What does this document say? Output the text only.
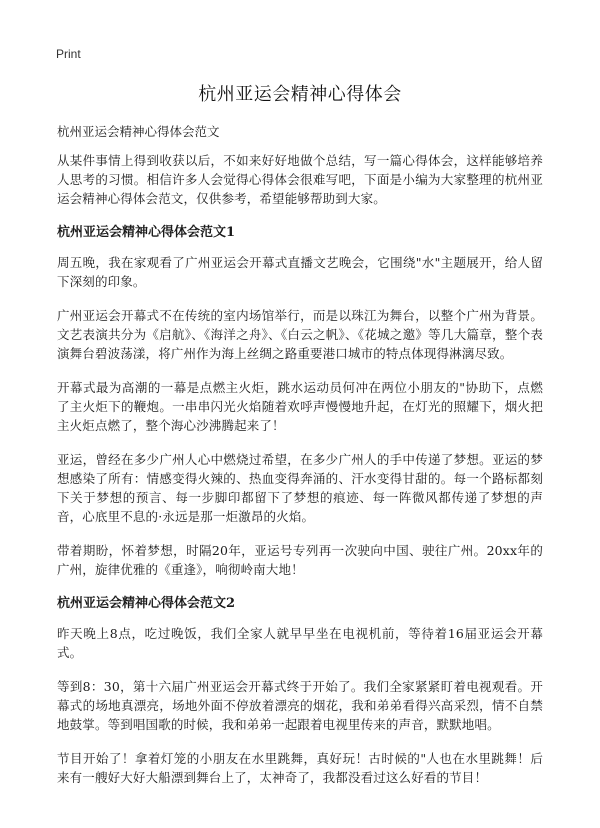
Print
杭州亚运会精神心得体会
杭州亚运会精神心得体会范文

从某件事情上得到收获以后，不如来好好地做个总结，写一篇心得体会，这样能够培养人思考的习惯。相信许多人会觉得心得体会很难写吧，下面是小编为大家整理的杭州亚运会精神心得体会范文，仅供参考，希望能够帮助到大家。

杭州亚运会精神心得体会范文1

周五晚，我在家观看了广州亚运会开幕式直播文艺晚会，它围绕"水"主题展开，给人留下深刻的印象。

广州亚运会开幕式不在传统的室内场馆举行，而是以珠江为舞台，以整个广州为背景。文艺表演共分为《启航》、《海洋之舟》、《白云之帆》、《花城之邀》等几大篇章，整个表演舞台碧波荡漾，将广州作为海上丝绸之路重要港口城市的特点体现得淋漓尽致。

开幕式最为高潮的一幕是点燃主火炬，跳水运动员何冲在两位小朋友的"协助下，点燃了主火炬下的鞭炮。一串串闪光火焰随着欢呼声慢慢地升起，在灯光的照耀下，烟火把主火炬点燃了，整个海心沙沸腾起来了！

亚运，曾经在多少广州人心中燃烧过希望，在多少广州人的手中传递了梦想。亚运的梦想感染了所有：情感变得火辣的、热血变得奔涌的、汗水变得甘甜的。每一个路标都刻下关于梦想的预言、每一步脚印都留下了梦想的痕迹、每一阵微风都传递了梦想的声音，心底里不息的·永远是那一炬激昂的火焰。

带着期盼，怀着梦想，时隔20年，亚运号专列再一次驶向中国、驶往广州。20xx年的广州，旋律优雅的《重逢》，响彻岭南大地！

杭州亚运会精神心得体会范文2

昨天晚上8点，吃过晚饭，我们全家人就早早坐在电视机前，等待着16届亚运会开幕式。

等到8：30，第十六届广州亚运会开幕式终于开始了。我们全家紧紧盯着电视观看。开幕式的场地真漂亮，场地外面不停放着漂亮的烟花，我和弟弟看得兴高采烈，情不自禁地鼓掌。等到唱国歌的时候，我和弟弟一起跟着电视里传来的声音，默默地唱。

节目开始了！拿着灯笼的小朋友在水里跳舞，真好玩！古时候的"人也在水里跳舞！后来有一艘好大好大船漂到舞台上了，太神奇了，我都没看过这么好看的节目！
